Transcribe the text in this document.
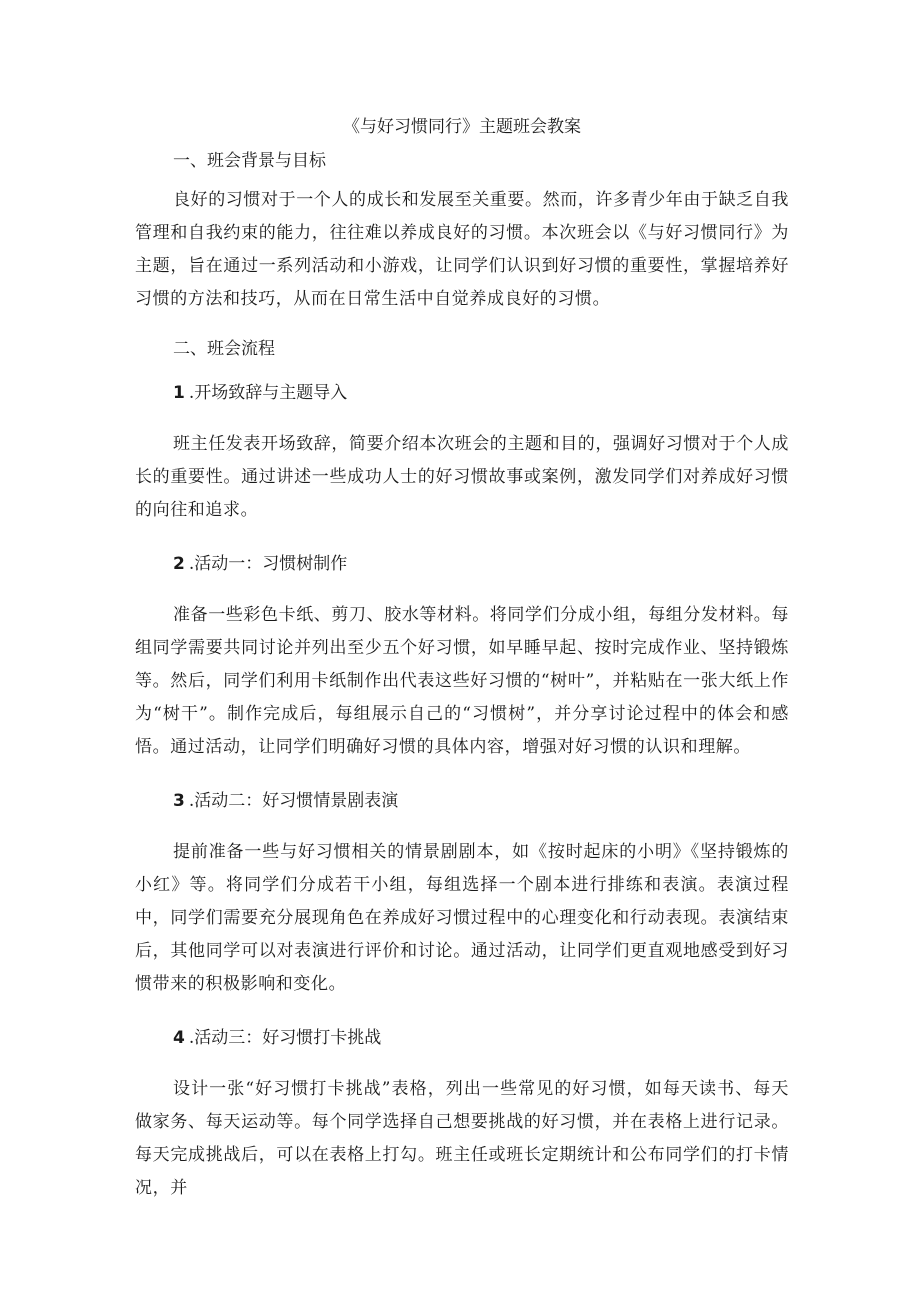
《与好习惯同行》主题班会教案
一、班会背景与目标

良好的习惯对于一个人的成长和发展至关重要。然而，许多青少年由于缺乏自我管理和自我约束的能力，往往难以养成良好的习惯。本次班会以《与好习惯同行》为主题，旨在通过一系列活动和小游戏，让同学们认识到好习惯的重要性，掌握培养好习惯的方法和技巧，从而在日常生活中自觉养成良好的习惯。

二、班会流程
1 .开场致辞与主题导入

班主任发表开场致辞，简要介绍本次班会的主题和目的，强调好习惯对于个人成长的重要性。通过讲述一些成功人士的好习惯故事或案例，激发同学们对养成好习惯的向往和追求。

2 .活动一：习惯树制作

准备一些彩色卡纸、剪刀、胶水等材料。将同学们分成小组，每组分发材料。每组同学需要共同讨论并列出至少五个好习惯，如早睡早起、按时完成作业、坚持锻炼等。然后，同学们利用卡纸制作出代表这些好习惯的“树叶”，并粘贴在一张大纸上作为“树干”。制作完成后，每组展示自己的“习惯树”，并分享讨论过程中的体会和感悟。通过活动，让同学们明确好习惯的具体内容，增强对好习惯的认识和理解。

3 .活动二：好习惯情景剧表演

提前准备一些与好习惯相关的情景剧剧本，如《按时起床的小明》《坚持锻炼的小红》等。将同学们分成若干小组，每组选择一个剧本进行排练和表演。表演过程中，同学们需要充分展现角色在养成好习惯过程中的心理变化和行动表现。表演结束后，其他同学可以对表演进行评价和讨论。通过活动，让同学们更直观地感受到好习惯带来的积极影响和变化。

4 .活动三：好习惯打卡挑战

设计一张“好习惯打卡挑战”表格，列出一些常见的好习惯，如每天读书、每天做家务、每天运动等。每个同学选择自己想要挑战的好习惯，并在表格上进行记录。每天完成挑战后，可以在表格上打勾。班主任或班长定期统计和公布同学们的打卡情况，并
